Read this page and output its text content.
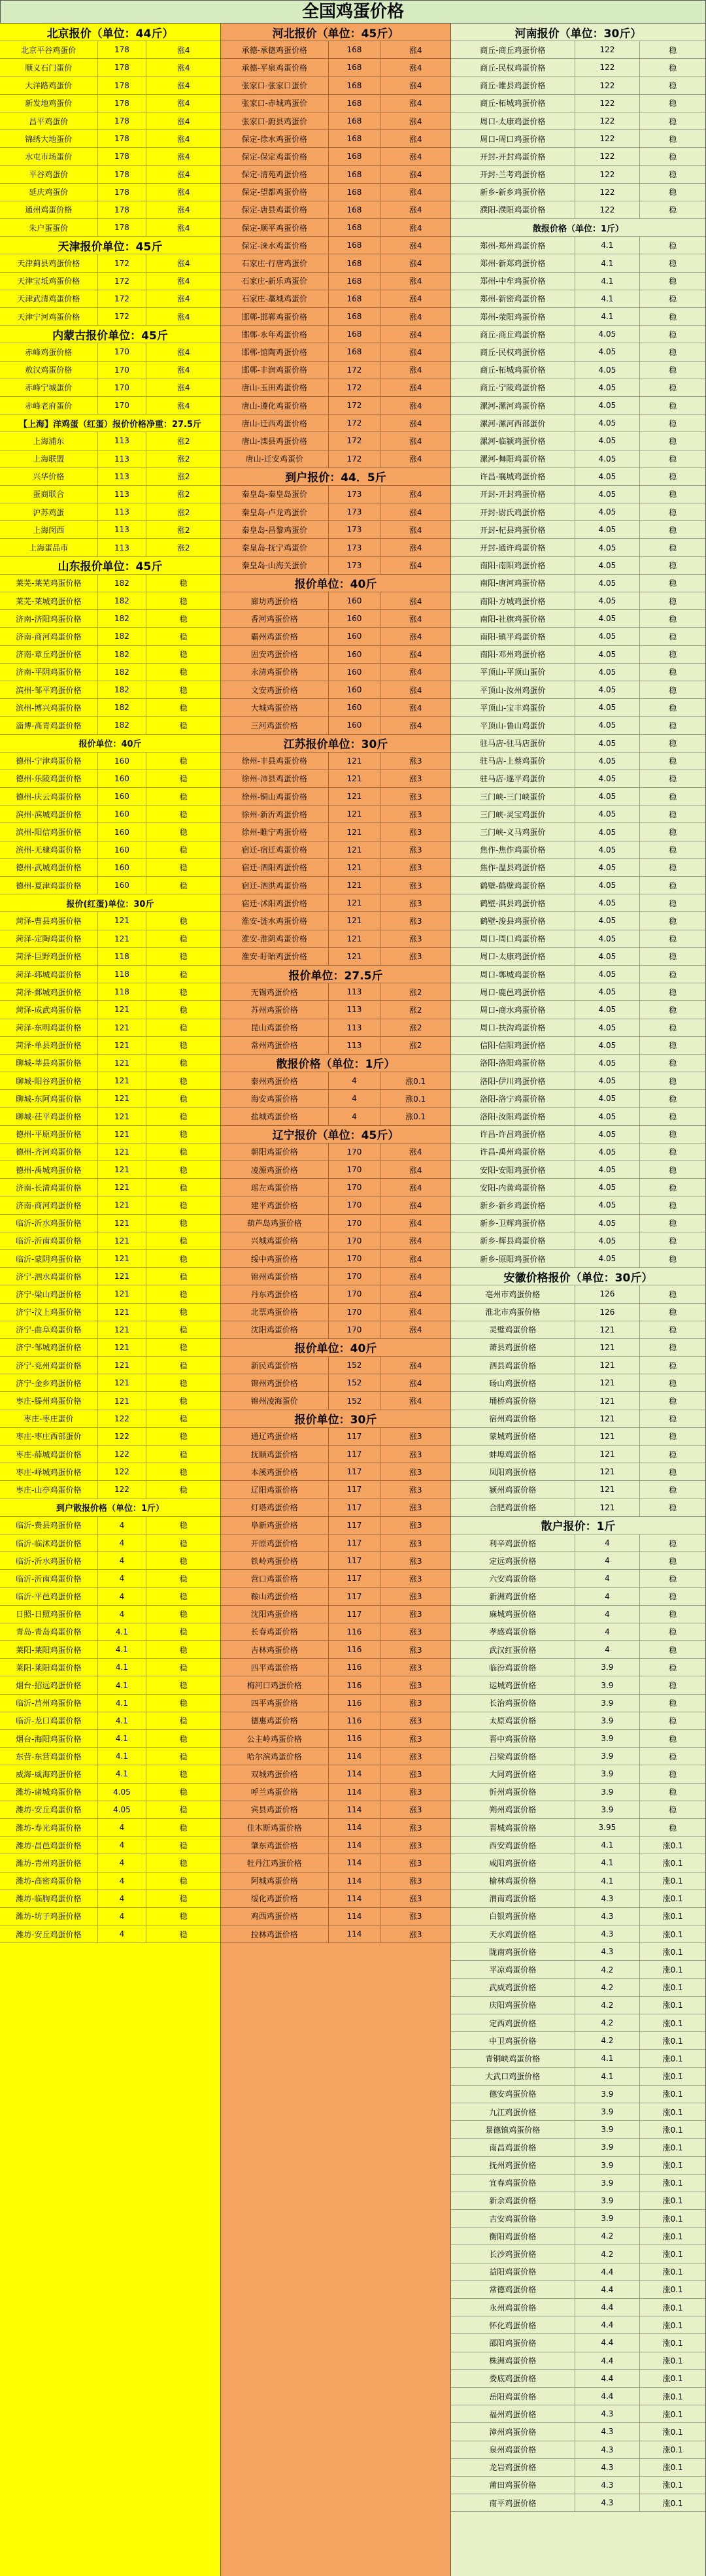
全国鸡蛋价格
北京报价（单位：44斤）
北京平谷鸡蛋价	178	涨4
顺义石门蛋价	178	涨4
大洋路鸡蛋价	178	涨4
新发地鸡蛋价	178	涨4
昌平鸡蛋价	178	涨4
锦绣大地蛋价	178	涨4
水屯市场蛋价	178	涨4
平谷鸡蛋价	178	涨4
延庆鸡蛋价	178	涨4
通州鸡蛋价格	178	涨4
朱户蛋蛋价	178	涨4
天津报价单位：45斤
天津蓟县鸡蛋价格	172	涨4
天津宝坻鸡蛋价格	172	涨4
天津武清鸡蛋价格	172	涨4
天津宁河鸡蛋价格	172	涨4
内蒙古报价单位：45斤
赤峰鸡蛋价格	170	涨4
敖汉鸡蛋价格	170	涨4
赤峰宁城蛋价	170	涨4
赤峰老府蛋价	170	涨4
【上海】洋鸡蛋（红蛋）报价价格净重：27.5斤
上海浦东	113	涨2
上海联盟	113	涨2
兴华价格	113	涨2
蛋商联合	113	涨2
沪苏鸡蛋	113	涨2
上海闵西	113	涨2
上海蛋品市	113	涨2
山东报价单位：45斤
莱芜-莱芜鸡蛋价格	182	稳
莱芜-莱城鸡蛋价格	182	稳
济南-济阳鸡蛋价格	182	稳
济南-商河鸡蛋价格	182	稳
济南-章丘鸡蛋价格	182	稳
济南-平阴鸡蛋价格	182	稳
滨州-邹平鸡蛋价格	182	稳
滨州-博兴鸡蛋价格	182	稳
淄博-高青鸡蛋价格	182	稳
报价单位：40斤
德州-宁津鸡蛋价格	160	稳
德州-乐陵鸡蛋价格	160	稳
德州-庆云鸡蛋价格	160	稳
滨州-滨城鸡蛋价格	160	稳
滨州-阳信鸡蛋价格	160	稳
滨州-无棣鸡蛋价格	160	稳
德州-武城鸡蛋价格	160	稳
德州-夏津鸡蛋价格	160	稳
报价(红蛋)单位：30斤
菏泽-曹县鸡蛋价格	121	稳
菏泽-定陶鸡蛋价格	121	稳
菏泽-巨野鸡蛋价格	118	稳
菏泽-郓城鸡蛋价格	118	稳
菏泽-鄄城鸡蛋价格	118	稳
菏泽-成武鸡蛋价格	121	稳
菏泽-东明鸡蛋价格	121	稳
菏泽-单县鸡蛋价格	121	稳
聊城-莘县鸡蛋价格	121	稳
聊城-阳谷鸡蛋价格	121	稳
聊城-东阿鸡蛋价格	121	稳
聊城-茌平鸡蛋价格	121	稳
德州-平原鸡蛋价格	121	稳
德州-齐河鸡蛋价格	121	稳
德州-禹城鸡蛋价格	121	稳
济南-长清鸡蛋价格	121	稳
济南-商河鸡蛋价格	121	稳
临沂-沂水鸡蛋价格	121	稳
临沂-沂南鸡蛋价格	121	稳
临沂-蒙阴鸡蛋价格	121	稳
济宁-泗水鸡蛋价格	121	稳
济宁-梁山鸡蛋价格	121	稳
济宁-汶上鸡蛋价格	121	稳
济宁-曲阜鸡蛋价格	121	稳
济宁-邹城鸡蛋价格	121	稳
济宁-兖州鸡蛋价格	121	稳
济宁-金乡鸡蛋价格	121	稳
枣庄-滕州鸡蛋价格	121	稳
枣庄-枣庄蛋价	122	稳
枣庄-枣庄西部蛋价	122	稳
枣庄-薛城鸡蛋价格	122	稳
枣庄-峄城鸡蛋价格	122	稳
枣庄-山亭鸡蛋价格	122	稳
到户散报价格（单位：1斤）
临沂-费县鸡蛋价格	4	稳
临沂-临沭鸡蛋价格	4	稳
临沂-沂水鸡蛋价格	4	稳
临沂-沂南鸡蛋价格	4	稳
临沂-平邑鸡蛋价格	4	稳
日照-日照鸡蛋价格	4	稳
青岛-青岛鸡蛋价格	4.1	稳
莱阳-莱阳鸡蛋价格	4.1	稳
莱阳-莱阳鸡蛋价格	4.1	稳
烟台-招远鸡蛋价格	4.1	稳
临沂-莒州鸡蛋价格	4.1	稳
临沂-龙口鸡蛋价格	4.1	稳
烟台-海阳鸡蛋价格	4.1	稳
东营-东营鸡蛋价格	4.1	稳
威海-威海鸡蛋价格	4.1	稳
潍坊-诸城鸡蛋价格	4.05	稳
潍坊-安丘鸡蛋价格	4.05	稳
潍坊-寿光鸡蛋价格	4	稳
潍坊-昌邑鸡蛋价格	4	稳
潍坊-青州鸡蛋价格	4	稳
潍坊-高密鸡蛋价格	4	稳
潍坊-临朐鸡蛋价格	4	稳
潍坊-坊子鸡蛋价格	4	稳
潍坊-安丘鸡蛋价格	4	稳
河北报价（单位：45斤）
承德-承德鸡蛋价格	168	涨4
承德-平泉鸡蛋价格	168	涨4
张家口-张家口蛋价	168	涨4
张家口-赤城鸡蛋价	168	涨4
张家口-蔚县鸡蛋价	168	涨4
保定-徐水鸡蛋价格	168	涨4
保定-保定鸡蛋价格	168	涨4
保定-清苑鸡蛋价格	168	涨4
保定-望都鸡蛋价格	168	涨4
保定-唐县鸡蛋价格	168	涨4
保定-顺平鸡蛋价格	168	涨4
保定-涞水鸡蛋价格	168	涨4
石家庄-行唐鸡蛋价	168	涨4
石家庄-新乐鸡蛋价	168	涨4
石家庄-藁城鸡蛋价	168	涨4
邯郸-邯郸鸡蛋价格	168	涨4
邯郸-永年鸡蛋价格	168	涨4
邯郸-馆陶鸡蛋价格	168	涨4
邯郸-丰润鸡蛋价格	172	涨4
唐山-玉田鸡蛋价格	172	涨4
唐山-遵化鸡蛋价格	172	涨4
唐山-迁西鸡蛋价格	172	涨4
唐山-滦县鸡蛋价格	172	涨4
唐山-迁安鸡蛋价	172	涨4
到户报价：44．5斤
秦皇岛-秦皇岛蛋价	173	涨4
秦皇岛-卢龙鸡蛋价	173	涨4
秦皇岛-昌黎鸡蛋价	173	涨4
秦皇岛-抚宁鸡蛋价	173	涨4
秦皇岛-山海关蛋价	173	涨4
报价单位：40斤
廊坊鸡蛋价格	160	涨4
香河鸡蛋价格	160	涨4
霸州鸡蛋价格	160	涨4
固安鸡蛋价格	160	涨4
永清鸡蛋价格	160	涨4
文安鸡蛋价格	160	涨4
大城鸡蛋价格	160	涨4
三河鸡蛋价格	160	涨4
江苏报价单位：30斤
徐州-丰县鸡蛋价格	121	涨3
徐州-沛县鸡蛋价格	121	涨3
徐州-铜山鸡蛋价格	121	涨3
徐州-新沂鸡蛋价格	121	涨3
徐州-睢宁鸡蛋价格	121	涨3
宿迁-宿迁鸡蛋价格	121	涨3
宿迁-泗阳鸡蛋价格	121	涨3
宿迁-泗洪鸡蛋价格	121	涨3
宿迁-沭阳鸡蛋价格	121	涨3
淮安-涟水鸡蛋价格	121	涨3
淮安-淮阴鸡蛋价格	121	涨3
淮安-盱眙鸡蛋价格	121	涨3
报价单位：27.5斤
无锡鸡蛋价格	113	涨2
苏州鸡蛋价格	113	涨2
昆山鸡蛋价格	113	涨2
常州鸡蛋价格	113	涨2
散报价格（单位：1斤）
泰州鸡蛋价格	4	涨0.1
海安鸡蛋价格	4	涨0.1
盐城鸡蛋价格	4	涨0.1
辽宁报价（单位：45斤）
朝阳鸡蛋价格	170	涨4
凌源鸡蛋价格	170	涨4
瑶左鸡蛋价格	170	涨4
建平鸡蛋价格	170	涨4
葫芦岛鸡蛋价格	170	涨4
兴城鸡蛋价格	170	涨4
绥中鸡蛋价格	170	涨4
锦州鸡蛋价格	170	涨4
丹东鸡蛋价格	170	涨4
北票鸡蛋价格	170	涨4
沈阳鸡蛋价格	170	涨4
报价单位：40斤
新民鸡蛋价格	152	涨4
锦州鸡蛋价格	152	涨4
锦州凌海蛋价	152	涨4
报价单位：30斤
通辽鸡蛋价格	117	涨3
抚顺鸡蛋价格	117	涨3
本溪鸡蛋价格	117	涨3
辽阳鸡蛋价格	117	涨3
灯塔鸡蛋价格	117	涨3
阜新鸡蛋价格	117	涨3
开原鸡蛋价格	117	涨3
铁岭鸡蛋价格	117	涨3
营口鸡蛋价格	117	涨3
鞍山鸡蛋价格	117	涨3
沈阳鸡蛋价格	117	涨3
长春鸡蛋价格	116	涨3
吉林鸡蛋价格	116	涨3
四平鸡蛋价格	116	涨3
梅河口鸡蛋价格	116	涨3
四平鸡蛋价格	116	涨3
德惠鸡蛋价格	116	涨3
公主岭鸡蛋价格	116	涨3
哈尔滨鸡蛋价格	114	涨3
双城鸡蛋价格	114	涨3
呼兰鸡蛋价格	114	涨3
宾县鸡蛋价格	114	涨3
佳木斯鸡蛋价格	114	涨3
肇东鸡蛋价格	114	涨3
牡丹江鸡蛋价格	114	涨3
阿城鸡蛋价格	114	涨3
绥化鸡蛋价格	114	涨3
鸡西鸡蛋价格	114	涨3
拉林鸡蛋价格	114	涨3
河南报价（单位：30斤）
商丘-商丘鸡蛋价格	122	稳
商丘-民权鸡蛋价格	122	稳
商丘-睢县鸡蛋价格	122	稳
商丘-柘城鸡蛋价格	122	稳
周口-太康鸡蛋价格	122	稳
周口-周口鸡蛋价格	122	稳
开封-开封鸡蛋价格	122	稳
开封-兰考鸡蛋价格	122	稳
新乡-新乡鸡蛋价格	122	稳
濮阳-濮阳鸡蛋价格	122	稳
散报价格（单位：1斤）
郑州-郑州鸡蛋价格	4.1	稳
郑州-新郑鸡蛋价格	4.1	稳
郑州-中牟鸡蛋价格	4.1	稳
郑州-新密鸡蛋价格	4.1	稳
郑州-荥阳鸡蛋价格	4.1	稳
商丘-商丘鸡蛋价格	4.05	稳
商丘-民权鸡蛋价格	4.05	稳
商丘-柘城鸡蛋价格	4.05	稳
商丘-宁陵鸡蛋价格	4.05	稳
漯河-漯河鸡蛋价格	4.05	稳
漯河-漯河西部蛋价	4.05	稳
漯河-临颍鸡蛋价格	4.05	稳
漯河-舞阳鸡蛋价格	4.05	稳
许昌-襄城鸡蛋价格	4.05	稳
开封-开封鸡蛋价格	4.05	稳
开封-尉氏鸡蛋价格	4.05	稳
开封-杞县鸡蛋价格	4.05	稳
开封-通许鸡蛋价格	4.05	稳
南阳-南阳鸡蛋价格	4.05	稳
南阳-唐河鸡蛋价格	4.05	稳
南阳-方城鸡蛋价格	4.05	稳
南阳-社旗鸡蛋价格	4.05	稳
南阳-镇平鸡蛋价格	4.05	稳
南阳-邓州鸡蛋价格	4.05	稳
平顶山-平顶山蛋价	4.05	稳
平顶山-汝州鸡蛋价	4.05	稳
平顶山-宝丰鸡蛋价	4.05	稳
平顶山-鲁山鸡蛋价	4.05	稳
驻马店-驻马店蛋价	4.05	稳
驻马店-上蔡鸡蛋价	4.05	稳
驻马店-遂平鸡蛋价	4.05	稳
三门峡-三门峡蛋价	4.05	稳
三门峡-灵宝鸡蛋价	4.05	稳
三门峡-义马鸡蛋价	4.05	稳
焦作-焦作鸡蛋价格	4.05	稳
焦作-温县鸡蛋价格	4.05	稳
鹤壁-鹤壁鸡蛋价格	4.05	稳
鹤壁-淇县鸡蛋价格	4.05	稳
鹤壁-浚县鸡蛋价格	4.05	稳
周口-周口鸡蛋价格	4.05	稳
周口-太康鸡蛋价格	4.05	稳
周口-郸城鸡蛋价格	4.05	稳
周口-鹿邑鸡蛋价格	4.05	稳
周口-商水鸡蛋价格	4.05	稳
周口-扶沟鸡蛋价格	4.05	稳
信阳-信阳鸡蛋价格	4.05	稳
洛阳-洛阳鸡蛋价格	4.05	稳
洛阳-伊川鸡蛋价格	4.05	稳
洛阳-洛宁鸡蛋价格	4.05	稳
洛阳-汝阳鸡蛋价格	4.05	稳
许昌-许昌鸡蛋价格	4.05	稳
许昌-禹州鸡蛋价格	4.05	稳
安阳-安阳鸡蛋价格	4.05	稳
安阳-内黄鸡蛋价格	4.05	稳
新乡-新乡鸡蛋价格	4.05	稳
新乡-卫辉鸡蛋价格	4.05	稳
新乡-辉县鸡蛋价格	4.05	稳
新乡-原阳鸡蛋价格	4.05	稳
安徽价格报价（单位：30斤）
亳州市鸡蛋价格	126	稳
淮北市鸡蛋价格	126	稳
灵璧鸡蛋价格	121	稳
萧县鸡蛋价格	121	稳
泗县鸡蛋价格	121	稳
砀山鸡蛋价格	121	稳
埇桥鸡蛋价格	121	稳
宿州鸡蛋价格	121	稳
蒙城鸡蛋价格	121	稳
蚌埠鸡蛋价格	121	稳
凤阳鸡蛋价格	121	稳
颍州鸡蛋价格	121	稳
合肥鸡蛋价格	121	稳
散户报价：1斤
利辛鸡蛋价格	4	稳
定远鸡蛋价格	4	稳
六安鸡蛋价格	4	稳
新洲鸡蛋价格	4	稳
麻城鸡蛋价格	4	稳
孝感鸡蛋价格	4	稳
武汉红蛋价格	4	稳
临汾鸡蛋价格	3.9	稳
运城鸡蛋价格	3.9	稳
长治鸡蛋价格	3.9	稳
太原鸡蛋价格	3.9	稳
晋中鸡蛋价格	3.9	稳
吕梁鸡蛋价格	3.9	稳
大同鸡蛋价格	3.9	稳
忻州鸡蛋价格	3.9	稳
朔州鸡蛋价格	3.9	稳
晋城鸡蛋价格	3.95	稳
西安鸡蛋价格	4.1	涨0.1
咸阳鸡蛋价格	4.1	涨0.1
榆林鸡蛋价格	4.1	涨0.1
渭南鸡蛋价格	4.3	涨0.1
白银鸡蛋价格	4.3	涨0.1
天水鸡蛋价格	4.3	涨0.1
陇南鸡蛋价格	4.3	涨0.1
平凉鸡蛋价格	4.2	涨0.1
武威鸡蛋价格	4.2	涨0.1
庆阳鸡蛋价格	4.2	涨0.1
定西鸡蛋价格	4.2	涨0.1
中卫鸡蛋价格	4.2	涨0.1
青铜峡鸡蛋价格	4.1	涨0.1
大武口鸡蛋价格	4.1	涨0.1
德安鸡蛋价格	3.9	涨0.1
九江鸡蛋价格	3.9	涨0.1
景德镇鸡蛋价格	3.9	涨0.1
南昌鸡蛋价格	3.9	涨0.1
抚州鸡蛋价格	3.9	涨0.1
宜春鸡蛋价格	3.9	涨0.1
新余鸡蛋价格	3.9	涨0.1
吉安鸡蛋价格	3.9	涨0.1
衡阳鸡蛋价格	4.2	涨0.1
长沙鸡蛋价格	4.2	涨0.1
益阳鸡蛋价格	4.4	涨0.1
常德鸡蛋价格	4.4	涨0.1
永州鸡蛋价格	4.4	涨0.1
怀化鸡蛋价格	4.4	涨0.1
邵阳鸡蛋价格	4.4	涨0.1
株洲鸡蛋价格	4.4	涨0.1
娄底鸡蛋价格	4.4	涨0.1
岳阳鸡蛋价格	4.4	涨0.1
福州鸡蛋价格	4.3	涨0.1
漳州鸡蛋价格	4.3	涨0.1
泉州鸡蛋价格	4.3	涨0.1
龙岩鸡蛋价格	4.3	涨0.1
莆田鸡蛋价格	4.3	涨0.1
南平鸡蛋价格	4.3	涨0.1
